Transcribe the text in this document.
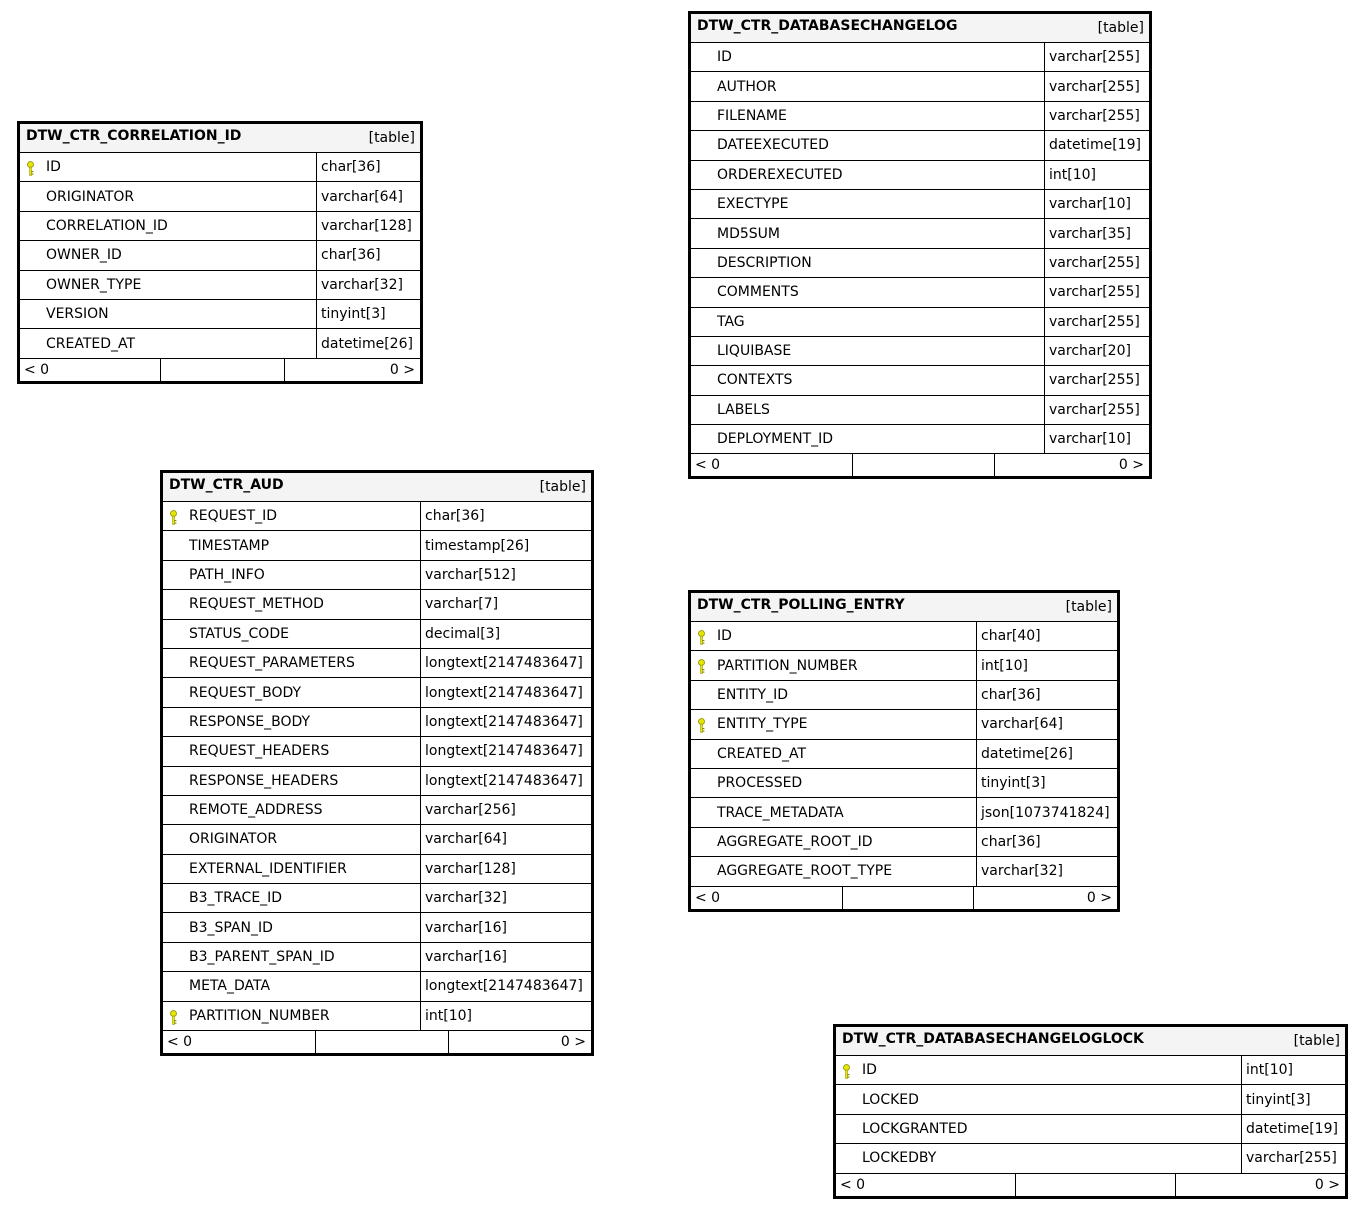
DTW_CTR_CORRELATION_ID	[table]
ID	char[36]
ORIGINATOR	varchar[64]
CORRELATION_ID	varchar[128]
OWNER_ID	char[36]
OWNER_TYPE	varchar[32]
VERSION	tinyint[3]
CREATED_AT	datetime[26]
< 0	0 >
DTW_CTR_AUD	[table]
REQUEST_ID	char[36]
TIMESTAMP	timestamp[26]
PATH_INFO	varchar[512]
REQUEST_METHOD	varchar[7]
STATUS_CODE	decimal[3]
REQUEST_PARAMETERS	longtext[2147483647]
REQUEST_BODY	longtext[2147483647]
RESPONSE_BODY	longtext[2147483647]
REQUEST_HEADERS	longtext[2147483647]
RESPONSE_HEADERS	longtext[2147483647]
REMOTE_ADDRESS	varchar[256]
ORIGINATOR	varchar[64]
EXTERNAL_IDENTIFIER	varchar[128]
B3_TRACE_ID	varchar[32]
B3_SPAN_ID	varchar[16]
B3_PARENT_SPAN_ID	varchar[16]
META_DATA	longtext[2147483647]
PARTITION_NUMBER	int[10]
< 0	0 >
DTW_CTR_DATABASECHANGELOG	[table]
ID	varchar[255]
AUTHOR	varchar[255]
FILENAME	varchar[255]
DATEEXECUTED	datetime[19]
ORDEREXECUTED	int[10]
EXECTYPE	varchar[10]
MD5SUM	varchar[35]
DESCRIPTION	varchar[255]
COMMENTS	varchar[255]
TAG	varchar[255]
LIQUIBASE	varchar[20]
CONTEXTS	varchar[255]
LABELS	varchar[255]
DEPLOYMENT_ID	varchar[10]
< 0	0 >
DTW_CTR_POLLING_ENTRY	[table]
ID	char[40]
PARTITION_NUMBER	int[10]
ENTITY_ID	char[36]
ENTITY_TYPE	varchar[64]
CREATED_AT	datetime[26]
PROCESSED	tinyint[3]
TRACE_METADATA	json[1073741824]
AGGREGATE_ROOT_ID	char[36]
AGGREGATE_ROOT_TYPE	varchar[32]
< 0	0 >
DTW_CTR_DATABASECHANGELOGLOCK	[table]
ID	int[10]
LOCKED	tinyint[3]
LOCKGRANTED	datetime[19]
LOCKEDBY	varchar[255]
< 0	0 >
